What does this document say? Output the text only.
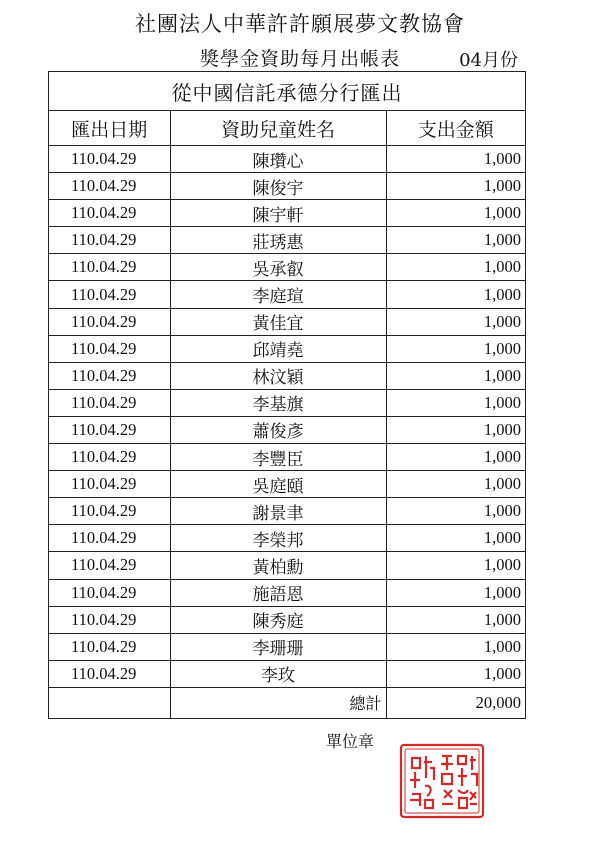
社團法人中華許許願展夢文教協會
獎學金資助每月出帳表	04月份
從中國信託承德分行匯出
匯出日期	資助兒童姓名	支出金額
110.04.29	陳瓚心	1,000
110.04.29	陳俊宇	1,000
110.04.29	陳宇軒	1,000
110.04.29	莊琇惠	1,000
110.04.29	吳承叡	1,000
110.04.29	李庭瑄	1,000
110.04.29	黃佳宜	1,000
110.04.29	邱靖堯	1,000
110.04.29	林汶穎	1,000
110.04.29	李基旗	1,000
110.04.29	蕭俊彥	1,000
110.04.29	李豐臣	1,000
110.04.29	吳庭頤	1,000
110.04.29	謝景聿	1,000
110.04.29	李榮邦	1,000
110.04.29	黃柏勳	1,000
110.04.29	施語恩	1,000
110.04.29	陳秀庭	1,000
110.04.29	李珊珊	1,000
110.04.29	李玫	1,000
	總計	20,000
單位章
